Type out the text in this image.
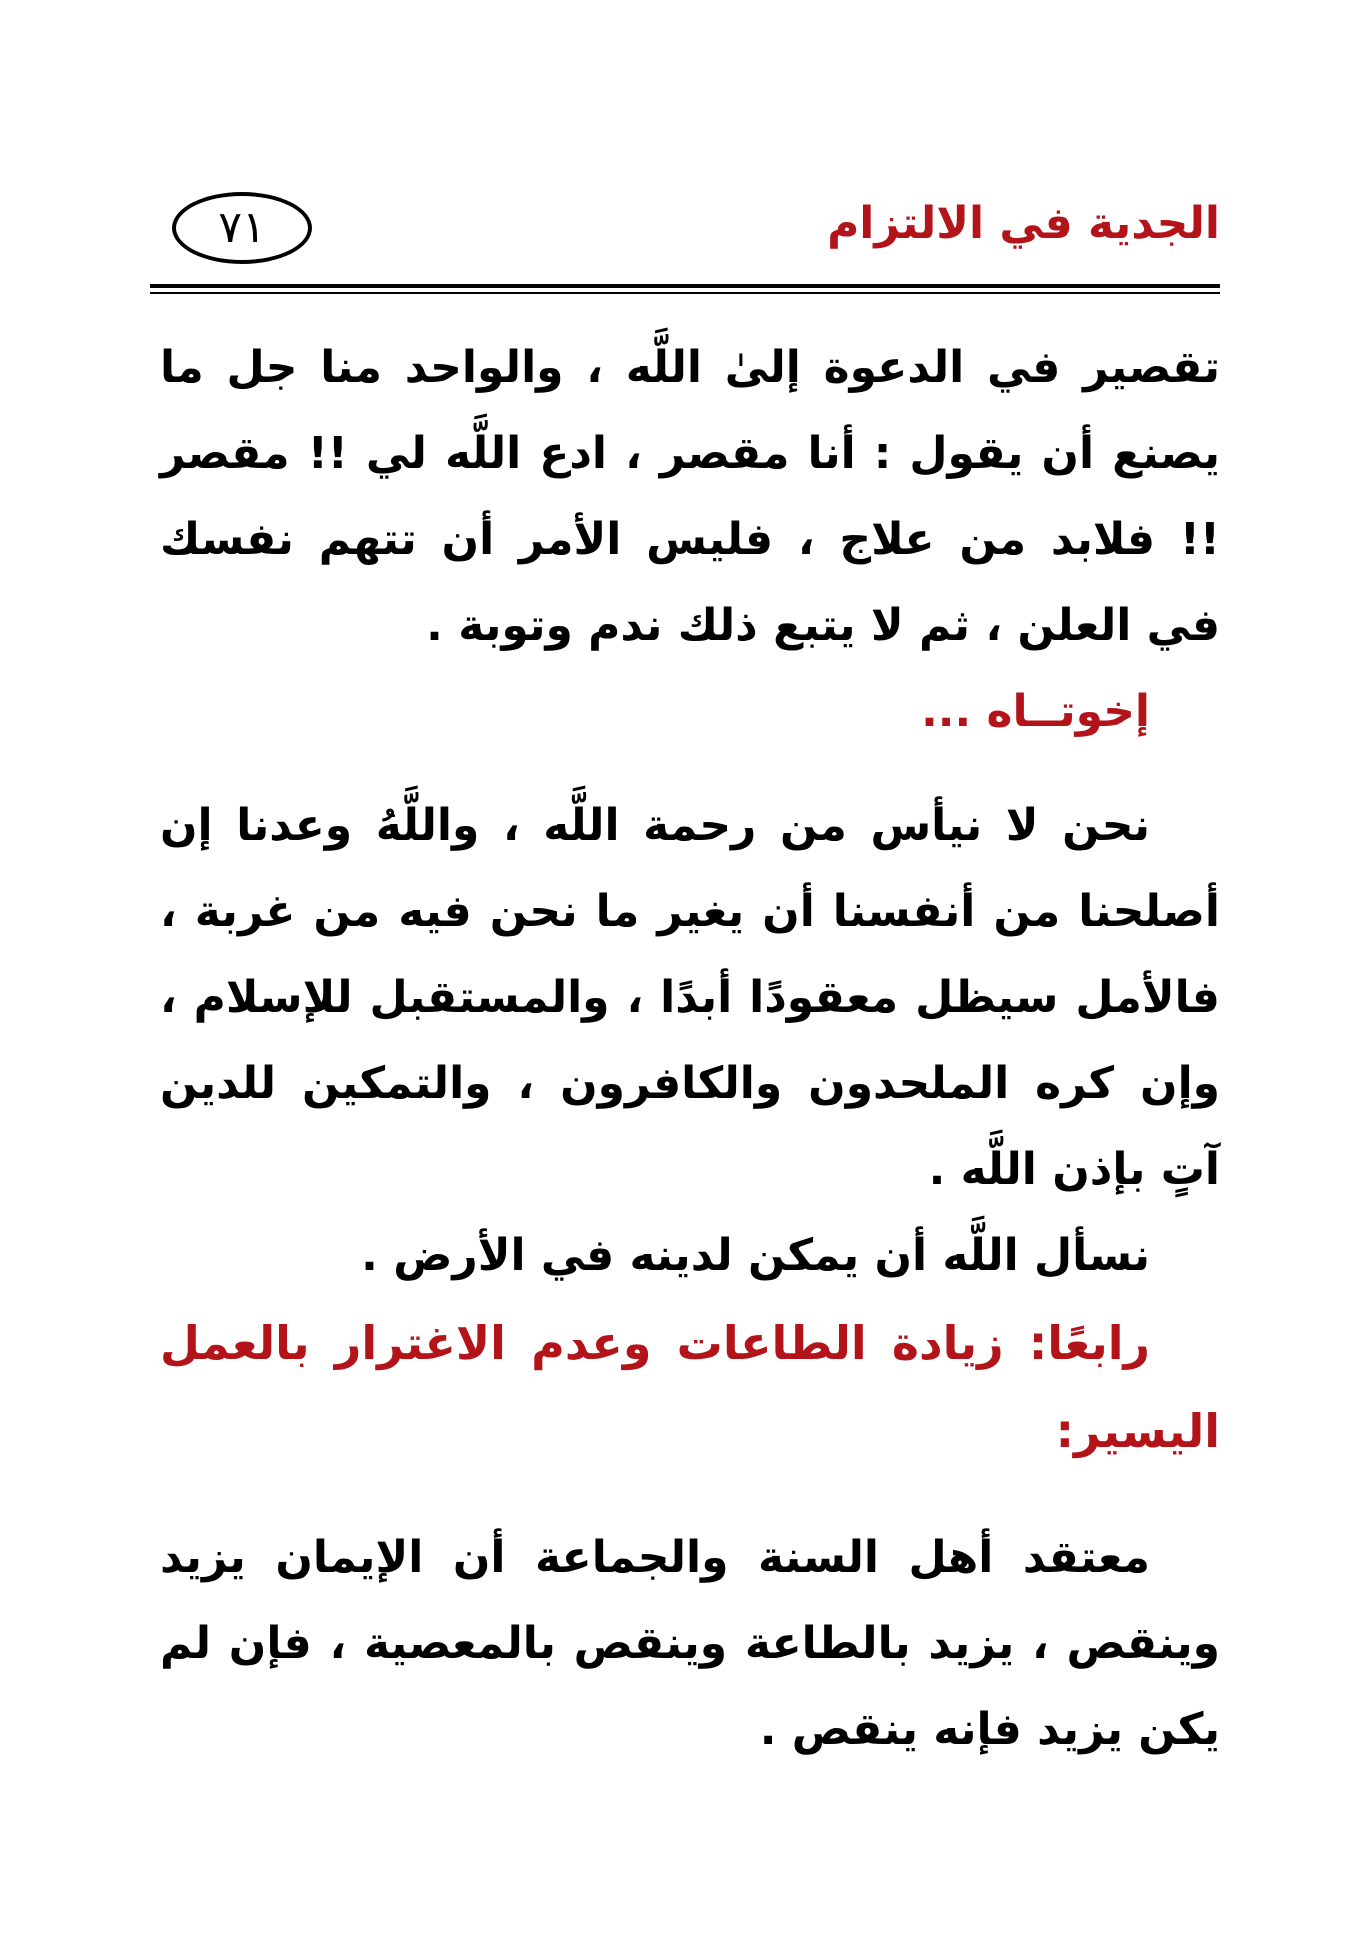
الجدية في الالتزام
٧١

تقصير في الدعوة إلىٰ اللَّه ، والواحد منا جل ما يصنع أن يقول : أنا مقصر ، ادع اللَّه لي !! مقصر !! فلابد من علاج ، فليس الأمر أن تتهم نفسك في العلن ، ثم لا يتبع ذلك ندم وتوبة .

إخوتــاه ...

نحن لا نيأس من رحمة اللَّه ، واللَّهُ وعدنا إن أصلحنا من أنفسنا أن يغير ما نحن فيه من غربة ، فالأمل سيظل معقودًا أبدًا ، والمستقبل للإسلام ، وإن كره الملحدون والكافرون ، والتمكين للدين آتٍ بإذن اللَّه .

نسأل اللَّه أن يمكن لدينه في الأرض .

رابعًا: زيادة الطاعات وعدم الاغترار بالعمل اليسير:

معتقد أهل السنة والجماعة أن الإيمان يزيد وينقص ، يزيد بالطاعة وينقص بالمعصية ، فإن لم يكن يزيد فإنه ينقص .
